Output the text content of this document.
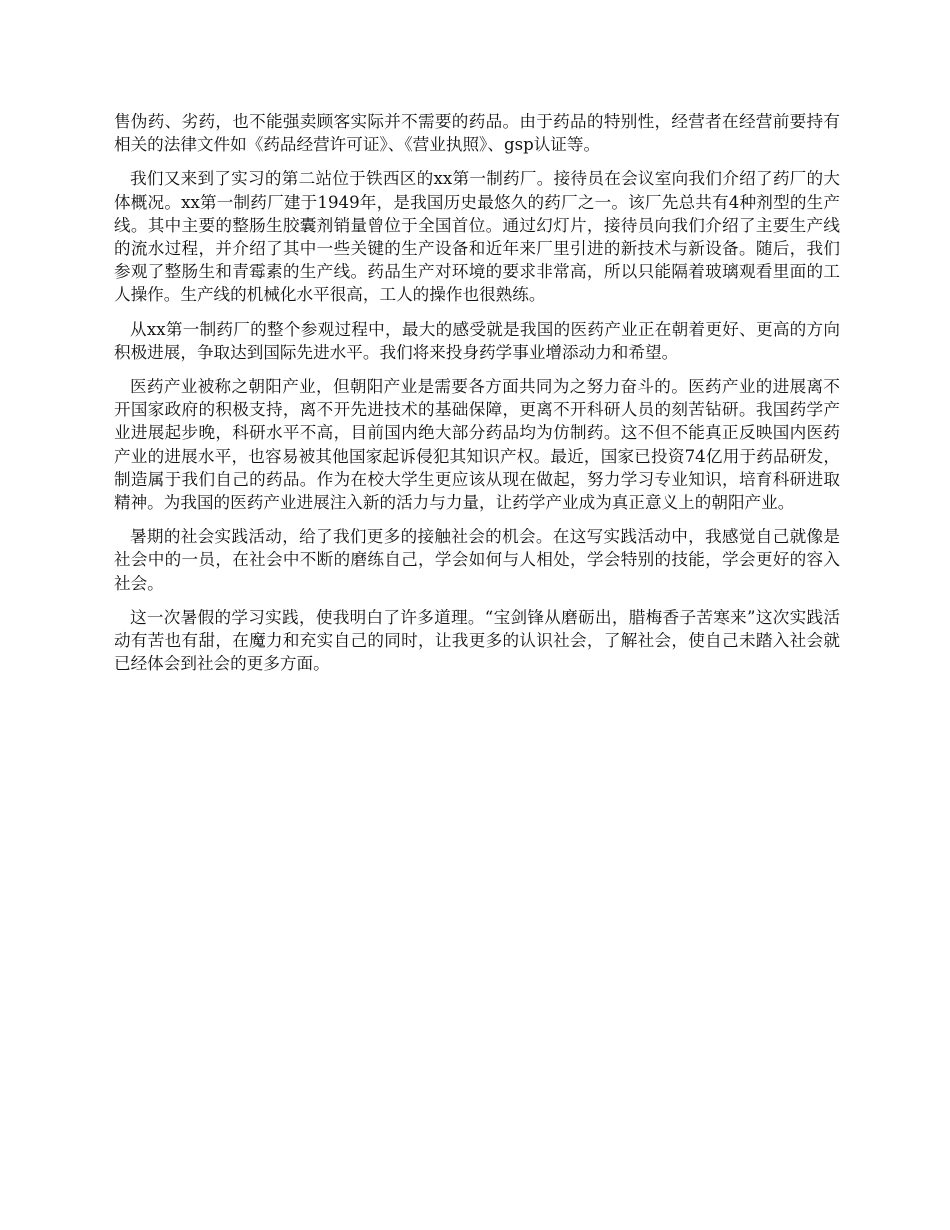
售伪药、劣药，也不能强卖顾客实际并不需要的药品。由于药品的特别性，经营者在经营前要持有相关的法律文件如《药品经营许可证》、《营业执照》、gsp认证等。

我们又来到了实习的第二站位于铁西区的xx第一制药厂。接待员在会议室向我们介绍了药厂的大体概况。xx第一制药厂建于1949年，是我国历史最悠久的药厂之一。该厂先总共有4种剂型的生产线。其中主要的整肠生胶囊剂销量曾位于全国首位。通过幻灯片，接待员向我们介绍了主要生产线的流水过程，并介绍了其中一些关键的生产设备和近年来厂里引进的新技术与新设备。随后，我们参观了整肠生和青霉素的生产线。药品生产对环境的要求非常高，所以只能隔着玻璃观看里面的工人操作。生产线的机械化水平很高，工人的操作也很熟练。

从xx第一制药厂的整个参观过程中，最大的感受就是我国的医药产业正在朝着更好、更高的方向积极进展，争取达到国际先进水平。我们将来投身药学事业增添动力和希望。

医药产业被称之朝阳产业，但朝阳产业是需要各方面共同为之努力奋斗的。医药产业的进展离不开国家政府的积极支持，离不开先进技术的基础保障，更离不开科研人员的刻苦钻研。我国药学产业进展起步晚，科研水平不高，目前国内绝大部分药品均为仿制药。这不但不能真正反映国内医药产业的进展水平，也容易被其他国家起诉侵犯其知识产权。最近，国家已投资74亿用于药品研发，制造属于我们自己的药品。作为在校大学生更应该从现在做起，努力学习专业知识，培育科研进取精神。为我国的医药产业进展注入新的活力与力量，让药学产业成为真正意义上的朝阳产业。

暑期的社会实践活动，给了我们更多的接触社会的机会。在这写实践活动中，我感觉自己就像是社会中的一员，在社会中不断的磨练自己，学会如何与人相处，学会特别的技能，学会更好的容入社会。

这一次暑假的学习实践，使我明白了许多道理。“宝剑锋从磨砺出，腊梅香子苦寒来”这次实践活动有苦也有甜，在魔力和充实自己的同时，让我更多的认识社会，了解社会，使自己未踏入社会就已经体会到社会的更多方面。
